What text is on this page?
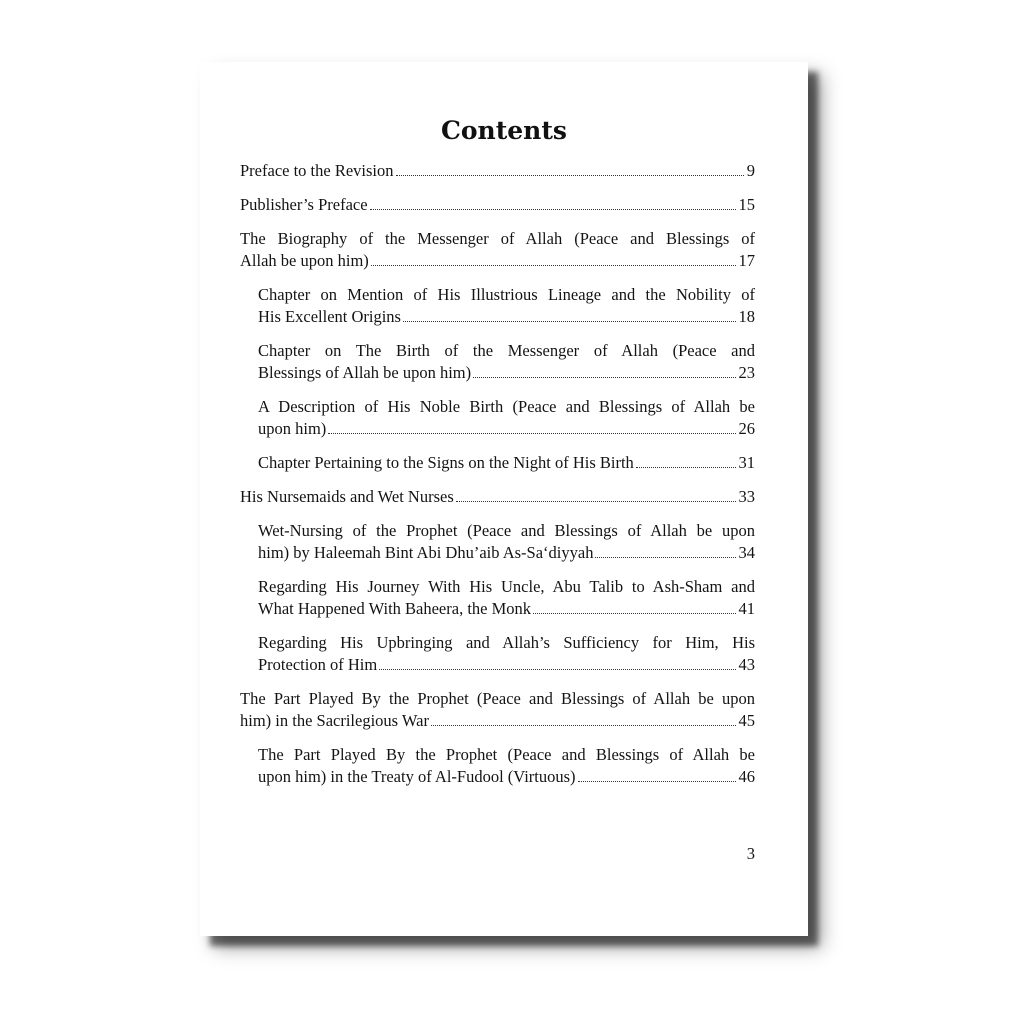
Contents
Preface to the Revision	9
Publisher’s Preface	15
The Biography of the Messenger of Allah (Peace and Blessings of
Allah be upon him)	17
Chapter on Mention of His Illustrious Lineage and the Nobility of
His Excellent Origins	18
Chapter on The Birth of the Messenger of Allah (Peace and
Blessings of Allah be upon him)	23
A Description of His Noble Birth (Peace and Blessings of Allah be
upon him)	26
Chapter Pertaining to the Signs on the Night of His Birth	31
His Nursemaids and Wet Nurses	33
Wet-Nursing of the Prophet (Peace and Blessings of Allah be upon
him) by Haleemah Bint Abi Dhu’aib As-Sa‘diyyah	34
Regarding His Journey With His Uncle, Abu Talib to Ash-Sham and
What Happened With Baheera, the Monk	41
Regarding His Upbringing and Allah’s Sufficiency for Him, His
Protection of Him	43
The Part Played By the Prophet (Peace and Blessings of Allah be upon
him) in the Sacrilegious War	45
The Part Played By the Prophet (Peace and Blessings of Allah be
upon him) in the Treaty of Al-Fudool (Virtuous)	46
3
